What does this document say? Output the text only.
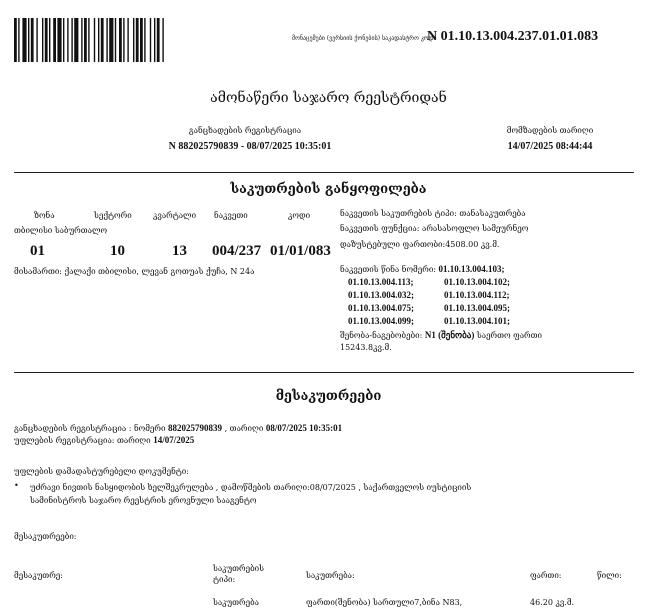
მონაცემები (ვერსიის ქონების) საკადასტრო კოდი
N 01.10.13.004.237.01.01.083
ამონაწერი საჯარო რეესტრიდან
განცხადების რეგისტრაცია
N 882025790839 - 08/07/2025 10:35:01
მომზადების თარიღი
14/07/2025 08:44:44
საკუთრების განყოფილება
ზონა	სექტორი	კვარტალი ნაკვეთი	კოდი
თბილისი საბურთალო
01	10	13 004/237 01/01/083
მისამართი: ქალაქი თბილისი, ლევან გოთუას ქუჩა, N 24ა
ნაკვეთის საკუთრების ტიპი: თანასაკუთრება
ნაკვეთის ფუნქცია: არასასოფლო სამეურნეო
დაზუსტებული ფართობი:4508.00 კვ.მ.
ნაკვეთის წინა ნომერი: 01.10.13.004.103;
01.10.13.004.113;	01.10.13.004.102;
01.10.13.004.032;	01.10.13.004.112;
01.10.13.004.075;	01.10.13.004.095;
01.10.13.004.099;	01.10.13.004.101;
შენობა-ნაგებობები: N1 (შენობა) საერთო ფართი
15243.8კვ.მ.
მესაკუთრეები
განცხადების რეგისტრაცია : ნომერი 882025790839 , თარიღი 08/07/2025 10:35:01
უფლების რეგისტრაცია: თარიღი 14/07/2025
უფლების დამადასტურებელი დოკუმენტი:
• უძრავი ნივთის ნასყიდობის ხელშეკრულება , დამოწმების თარიღი:08/07/2025 , საქართველოს იუსტიციის
სამინისტროს საჯარო რეესტრის ეროვნული სააგენტო
მესაკუთრეები:
მესაკუთრე:
საკუთრების ტიპი:	საკუთრება:	ფართი:	წილი:
საკუთრება	ფართი(შენობა) სართული7,ბინა N83,	46.20 კვ.მ.
